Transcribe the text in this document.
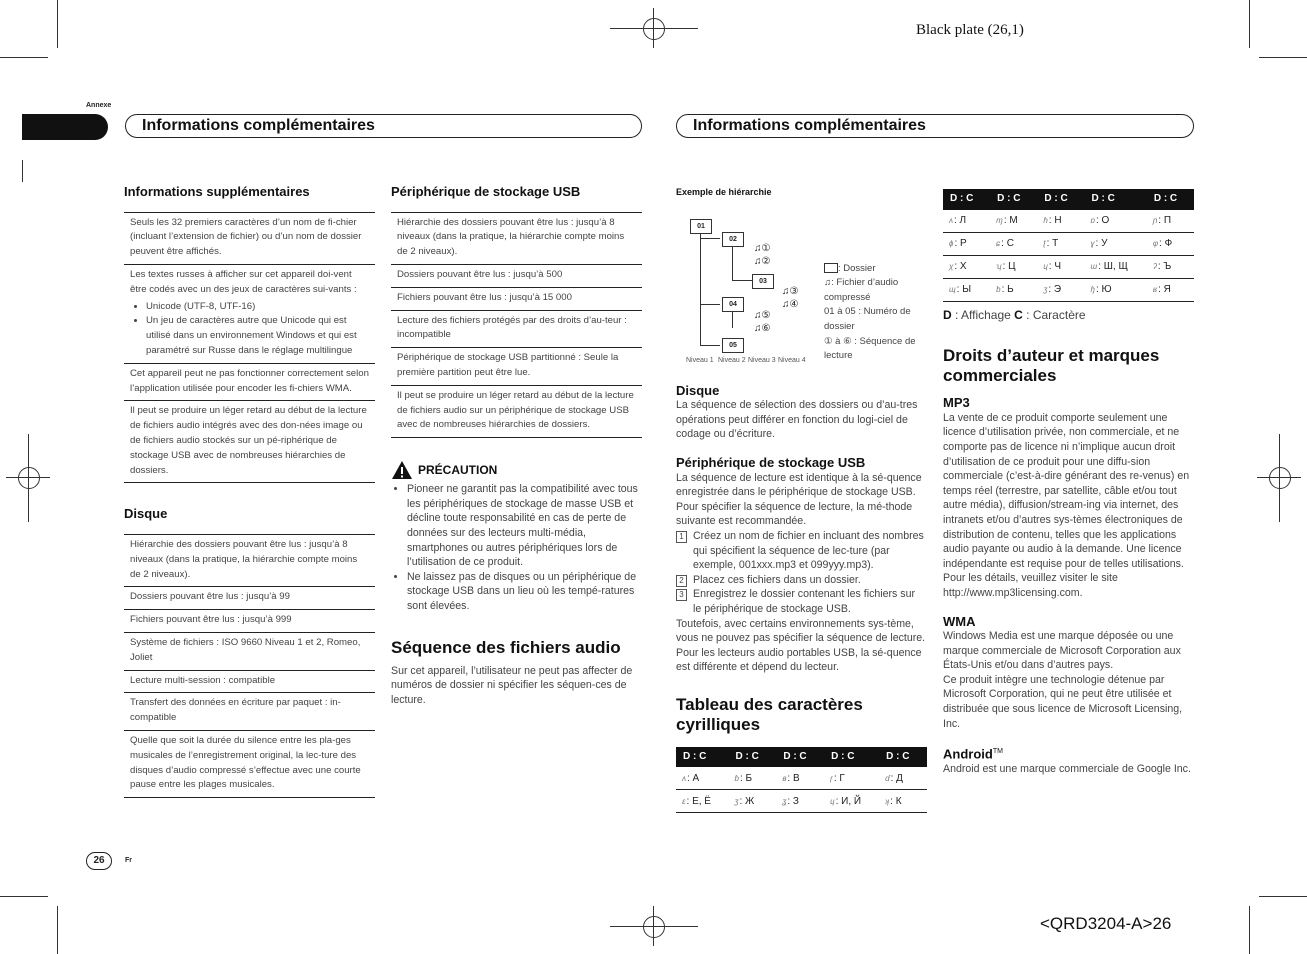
Black plate (26,1)
<QRD3204-A>26
Annexe
Informations complémentaires	Informations complémentaires
Informations supplémentaires
Seuls les 32 premiers caractères d’un nom de fi-chier (incluant l’extension de fichier) ou d’un nom de dossier peuvent être affichés.
Les textes russes à afficher sur cet appareil doi-vent être codés avec un des jeux de caractères sui-vants :
• Unicode (UTF-8, UTF-16)
• Un jeu de caractères autre que Unicode qui est utilisé dans un environnement Windows et qui est paramétré sur Russe dans le réglage multilingue
Cet appareil peut ne pas fonctionner correctement selon l’application utilisée pour encoder les fi-chiers WMA.
Il peut se produire un léger retard au début de la lecture de fichiers audio intégrés avec des don-nées image ou de fichiers audio stockés sur un pé-riphérique de stockage USB avec de nombreuses hiérarchies de dossiers.
Disque
Hiérarchie des dossiers pouvant être lus : jusqu’à 8 niveaux (dans la pratique, la hiérarchie compte moins de 2 niveaux).
Dossiers pouvant être lus : jusqu’à 99
Fichiers pouvant être lus : jusqu’à 999
Système de fichiers : ISO 9660 Niveau 1 et 2, Romeo, Joliet
Lecture multi-session : compatible
Transfert des données en écriture par paquet : in-compatible
Quelle que soit la durée du silence entre les pla-ges musicales de l’enregistrement original, la lec-ture des disques d’audio compressé s’effectue avec une courte pause entre les plages musicales.
Périphérique de stockage USB
Hiérarchie des dossiers pouvant être lus : jusqu’à 8 niveaux (dans la pratique, la hiérarchie compte moins de 2 niveaux).
Dossiers pouvant être lus : jusqu’à 500
Fichiers pouvant être lus : jusqu’à 15 000
Lecture des fichiers protégés par des droits d’au-teur : incompatible
Périphérique de stockage USB partitionné : Seule la première partition peut être lue.
Il peut se produire un léger retard au début de la lecture de fichiers audio sur un périphérique de stockage USB avec de nombreuses hiérarchies de dossiers.
PRÉCAUTION
• Pioneer ne garantit pas la compatibilité avec tous les périphériques de stockage de masse USB et décline toute responsabilité en cas de perte de données sur des lecteurs multi-média, smartphones ou autres périphériques lors de l’utilisation de ce produit.
• Ne laissez pas de disques ou un périphérique de stockage USB dans un lieu où les tempé-ratures sont élevées.
Séquence des fichiers audio

Sur cet appareil, l’utilisateur ne peut pas affecter de numéros de dossier ni spécifier les séquen-ces de lecture.

Exemple de hiérarchie
01
02
03
04
05
♫①
♫②
♫③
♫④
♫⑤
♫⑥
Niveau 1 Niveau 2 Niveau 3 Niveau 4
: Dossier
♫: Fichier d’audio compressé
01 à 05 : Numéro de dossier
① à ⑥ : Séquence de lecture
Disque

La séquence de sélection des dossiers ou d’au-tres opérations peut différer en fonction du logi-ciel de codage ou d’écriture.

Périphérique de stockage USB

La séquence de lecture est identique à la sé-quence enregistrée dans le périphérique de stockage USB.

Pour spécifier la séquence de lecture, la mé-thode suivante est recommandée.

1 Créez un nom de fichier en incluant des nombres qui spécifient la séquence de lec-ture (par exemple, 001xxx.mp3 et 099yyy.mp3).
2 Placez ces fichiers dans un dossier.
3 Enregistrez le dossier contenant les fichiers sur le périphérique de stockage USB.

Toutefois, avec certains environnements sys-tème, vous ne pouvez pas spécifier la séquence de lecture.

Pour les lecteurs audio portables USB, la sé-quence est différente et dépend du lecteur.

Tableau des caractères cyrilliques
D : C	D : C	D : C	D : C	D : C
ʌ: А	ɓ: Б	ʙ: В	ɼ: Г	ɗ: Д
ɛ: Е, Ё	ʒ: Ж	ʓ: З	ɥ: И, Й	ʞ: К
D : C	D : C	D : C	D : C	D : C
ʌ: Л	ɱ: М	ɦ: Н	ɒ: О	ɲ: П
ɸ: Р	ɕ: С	ʈ: Т	ɣ: У	φ: Ф
χ: Х	ʮ: Ц	ɥ: Ч	ɯ: Ш, Щ	ʔ: Ъ
ɰ: Ы	ƅ: Ь	ʒ: Э	ɧ: Ю	ʁ: Я
D : Affichage C : Caractère
Droits d’auteur et marques commerciales
MP3

La vente de ce produit comporte seulement une licence d’utilisation privée, non commerciale, et ne comporte pas de licence ni n’implique aucun droit d’utilisation de ce produit pour une diffu-sion commerciale (c’est-à-dire générant des re-venus) en temps réel (terrestre, par satellite, câble et/ou tout autre média), diffusion/stream-ing via internet, des intranets et/ou d’autres sys-tèmes électroniques de distribution de contenu, telles que les applications audio payante ou audio à la demande. Une licence indépendante est requise pour de telles utilisations. Pour les détails, veuillez visiter le site

http://www.mp3licensing.com.

WMA

Windows Media est une marque déposée ou une marque commerciale de Microsoft Corporation aux États-Unis et/ou dans d’autres pays.

Ce produit intègre une technologie détenue par Microsoft Corporation, qui ne peut être utilisée et distribuée que sous licence de Microsoft Licensing, Inc.

Android™

Android est une marque commerciale de Google Inc.

26	Fr
